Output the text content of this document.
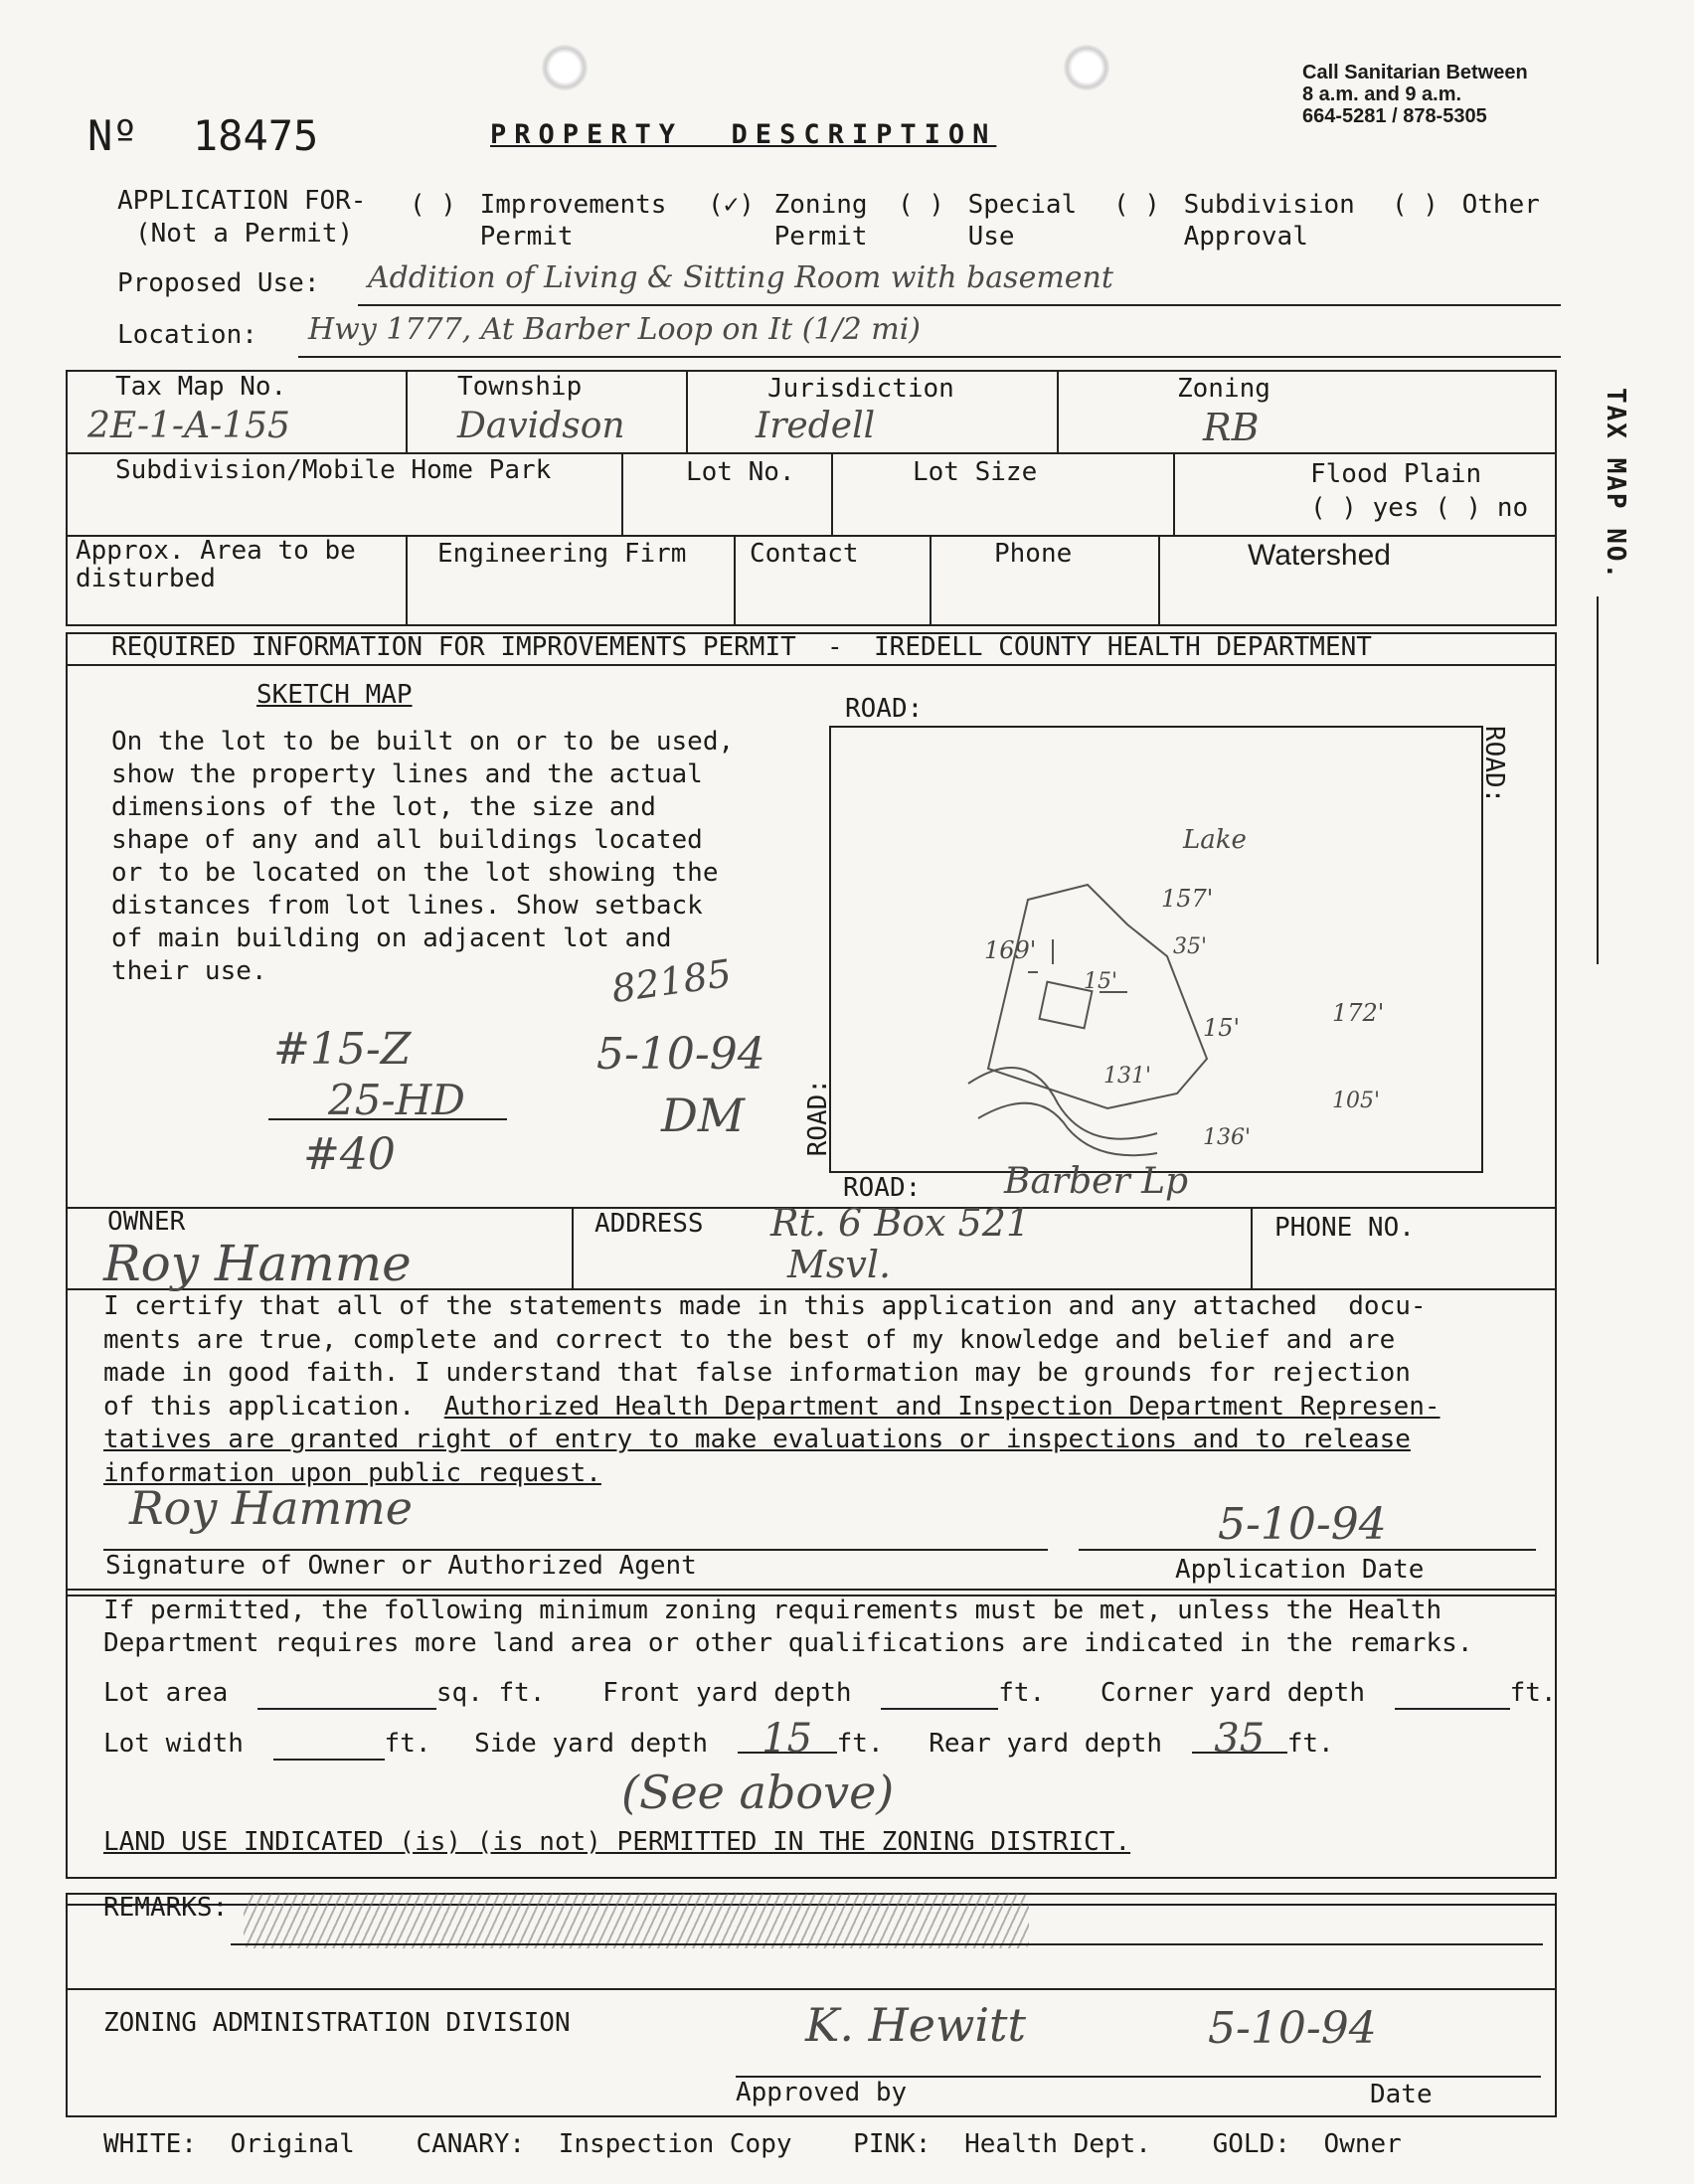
Nº 18475	PROPERTY  DESCRIPTION
Call Sanitarian Between
8 a.m. and 9 a.m.
664-5281 / 878-5305
APPLICATION FOR-
(Not a Permit)
( ) Improvements
Permit
(✓) Zoning
Permit
( ) Special
Use
( ) Subdivision
Approval
( ) Other
Proposed Use: Addition of Living & Sitting Room with basement
Location: Hwy 1777, At Barber Loop on It (1/2 mi)
Tax Map No.
2E-1-A-155
Township
Davidson
Jurisdiction
Iredell
Zoning
RB
Subdivision/Mobile Home Park	Lot No.	Lot Size	Flood Plain
( ) yes ( ) no
Approx. Area to be
disturbed
Engineering Firm Contact	Phone	Watershed	TAX MAP NO.
REQUIRED INFORMATION FOR IMPROVEMENTS PERMIT  -  IREDELL COUNTY HEALTH DEPARTMENT
SKETCH MAP
On the lot to be built on or to be used,
show the property lines and the actual
dimensions of the lot, the size and
shape of any and all buildings located
or to be located on the lot showing the
distances from lot lines. Show setback
of main building on adjacent lot and
their use.
#15-Z
25-HD
#40
82185
5-10-94
DM
ROAD:
ROAD:
ROAD:
ROAD:
Lake
157'
35'
169'
15'
15'
172'
131'
105'
136'
Barber Lp
OWNER
Roy Hamme
ADDRESS Rt. 6 Box 521
Msvl.
PHONE NO.
I certify that all of the statements made in this application and any attached  docu-
ments are true, complete and correct to the best of my knowledge and belief and are
made in good faith. I understand that false information may be grounds for rejection
of this application. Authorized Health Department and Inspection Department Represen-
tatives are granted right of entry to make evaluations or inspections and to release
information upon public request.
Roy Hamme	5-10-94
Signature of Owner or Authorized Agent	Application Date
If permitted, the following minimum zoning requirements must be met, unless the Health
Department requires more land area or other qualifications are indicated in the remarks.
Lot area	sq. ft. Front yard depth	ft. Corner yard depth	ft.
Lot width	ft. Side yard depth 15 ft. Rear yard depth 35 ft.
(See above)
LAND USE INDICATED (is) (is not) PERMITTED IN THE ZONING DISTRICT.
REMARKS:
ZONING ADMINISTRATION DIVISION	K. Hewitt	5-10-94
Approved by	Date
WHITE: Original CANARY: Inspection Copy PINK: Health Dept. GOLD: Owner
